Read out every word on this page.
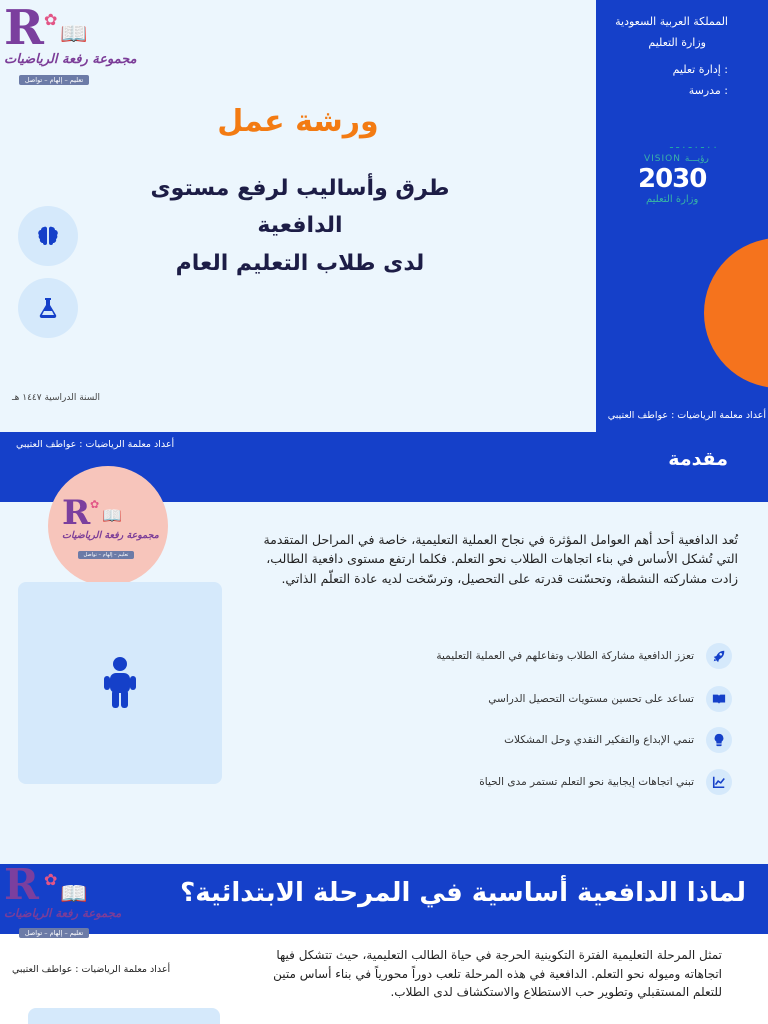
R ✿
📖
مجموعة رفعة الرياضيات
تعليم – إلهام – تواصل
ورشة عمل
طرق وأساليب لرفع مستوى الدافعية
لدى طلاب التعليم العام
السنة الدراسية ١٤٤٧ هـ
المملكة العربية السعودية
وزارة التعليم
إدارة تعليم :
مدرسة :
ـ . ـ . ـ ـ . .
VISION رؤيـــة
2030
وزارة التعليم
أعداد معلمة الرياضيات : عواطف العتيبي
أعداد معلمة الرياضيات : عواطف العتيبي
مقدمة
R ✿
📖
مجموعة رفعة الرياضيات
تعليم – إلهام – تواصل

تُعد الدافعية أحد أهم العوامل المؤثرة في نجاح العملية التعليمية، خاصة في المراحل المتقدمة التي تُشكل الأساس في بناء اتجاهات الطلاب نحو التعلم. فكلما ارتفع مستوى دافعية الطالب، زادت مشاركته النشطة، وتحسّنت قدرته على التحصيل، وترسّخت لديه عادة التعلّم الذاتي.

تعزز الدافعية مشاركة الطلاب وتفاعلهم في العملية التعليمية
تساعد على تحسين مستويات التحصيل الدراسي
تنمي الإبداع والتفكير النقدي وحل المشكلات
تبني اتجاهات إيجابية نحو التعلم تستمر مدى الحياة
لماذا الدافعية أساسية في المرحلة الابتدائية؟
R ✿
📖
مجموعة رفعة الرياضيات
تعليم – إلهام – تواصل
أعداد معلمة الرياضيات : عواطف العتيبي

تمثل المرحلة التعليمية الفترة التكوينية الحرجة في حياة الطالب التعليمية، حيث تتشكل فيها اتجاهاته وميوله نحو التعلم. الدافعية في هذه المرحلة تلعب دوراً محورياً في بناء أساس متين للتعلم المستقبلي وتطوير حب الاستطلاع والاستكشاف لدى الطلاب.
